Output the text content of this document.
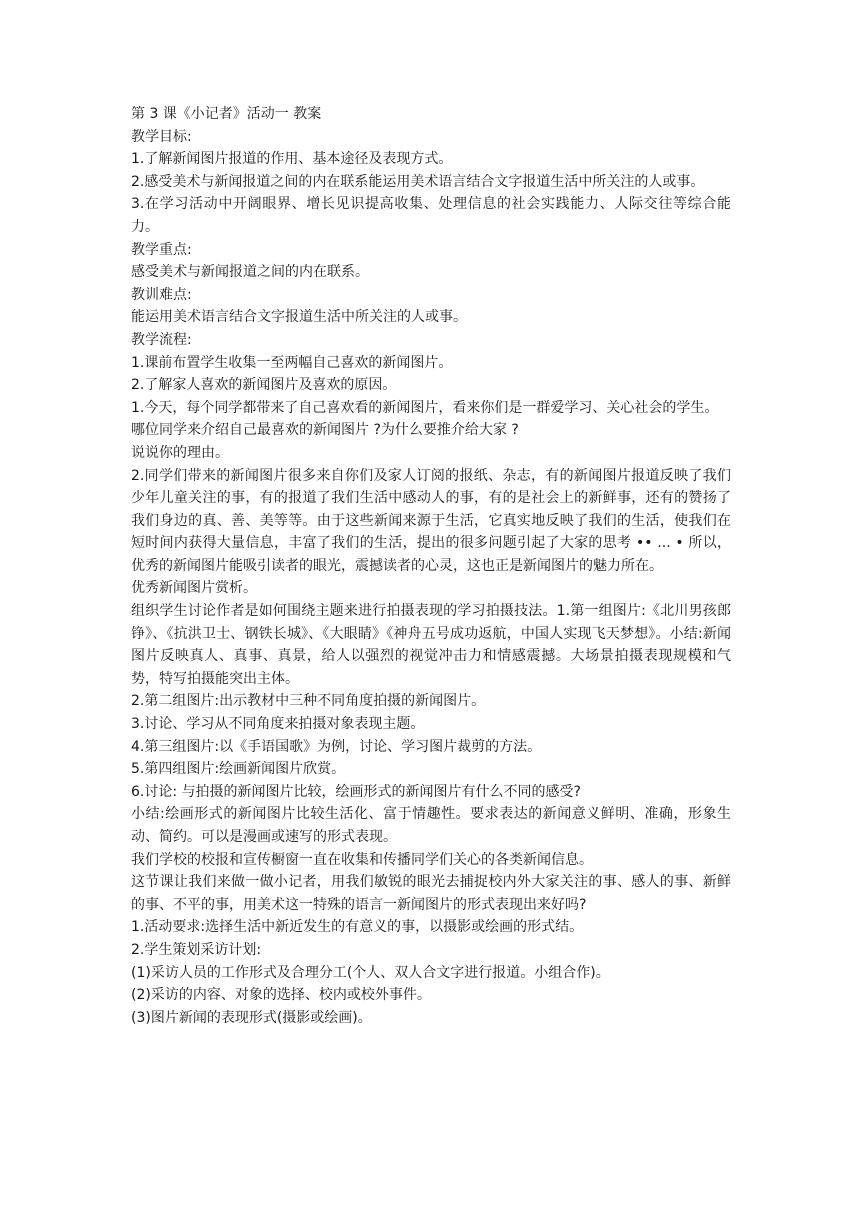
第 3 课《小记者》活动一 教案

教学目标:

1.了解新闻图片报道的作用、基本途径及表现方式。

2.感受美术与新闻报道之间的内在联系能运用美术语言结合文字报道生活中所关注的人或事。

3.在学习活动中开阔眼界、增长见识提高收集、处理信息的社会实践能力、人际交往等综合能力。

教学重点:

感受美术与新闻报道之间的内在联系。

教训难点:

能运用美术语言结合文字报道生活中所关注的人或事。

教学流程:

1.课前布置学生收集一至两幅自己喜欢的新闻图片。

2.了解家人喜欢的新闻图片及喜欢的原因。

1.今天，每个同学都带来了自己喜欢看的新闻图片，看来你们是一群爱学习、关心社会的学生。

哪位同学来介绍自己最喜欢的新闻图片 ?为什么要推介给大家 ?

说说你的理由。

2.同学们带来的新闻图片很多来自你们及家人订阅的报纸、杂志，有的新闻图片报道反映了我们少年儿童关注的事，有的报道了我们生活中感动人的事，有的是社会上的新鲜事，还有的赞扬了我们身边的真、善、美等等。由于这些新闻来源于生活，它真实地反映了我们的生活，使我们在短时间内获得大量信息，丰富了我们的生活，提出的很多问题引起了大家的思考 •• ... • 所以，优秀的新闻图片能吸引读者的眼光，震撼读者的心灵，这也正是新闻图片的魅力所在。

优秀新闻图片赏析。

组织学生讨论作者是如何围绕主题来进行拍摄表现的学习拍摄技法。1.第一组图片:《北川男孩郎铮》、《抗洪卫士、钢铁长城》、《大眼睛》《神舟五号成功返航，中国人实现飞天梦想》。小结:新闻图片反映真人、真事、真景，给人以强烈的视觉冲击力和情感震撼。大场景拍摄表现规模和气势，特写拍摄能突出主体。

2.第二组图片:出示教材中三种不同角度拍摄的新闻图片。

3.讨论、学习从不同角度来拍摄对象表现主题。

4.第三组图片:以《手语国歌》为例，讨论、学习图片裁剪的方法。

5.第四组图片:绘画新闻图片欣赏。

6.讨论: 与拍摄的新闻图片比较，绘画形式的新闻图片有什么不同的感受?

小结:绘画形式的新闻图片比较生活化、富于情趣性。要求表达的新闻意义鲜明、准确，形象生动、简约。可以是漫画或速写的形式表现。

我们学校的校报和宣传橱窗一直在收集和传播同学们关心的各类新闻信息。

这节课让我们来做一做小记者，用我们敏锐的眼光去捕捉校内外大家关注的事、感人的事、新鲜的事、不平的事，用美术这一特殊的语言一新闻图片的形式表现出来好吗?

1.活动要求:选择生活中新近发生的有意义的事，以摄影或绘画的形式结。

2.学生策划采访计划:

(1)采访人员的工作形式及合理分工(个人、双人合文字进行报道。小组合作)。

(2)采访的内容、对象的选择、校内或校外事件。

(3)图片新闻的表现形式(摄影或绘画)。
